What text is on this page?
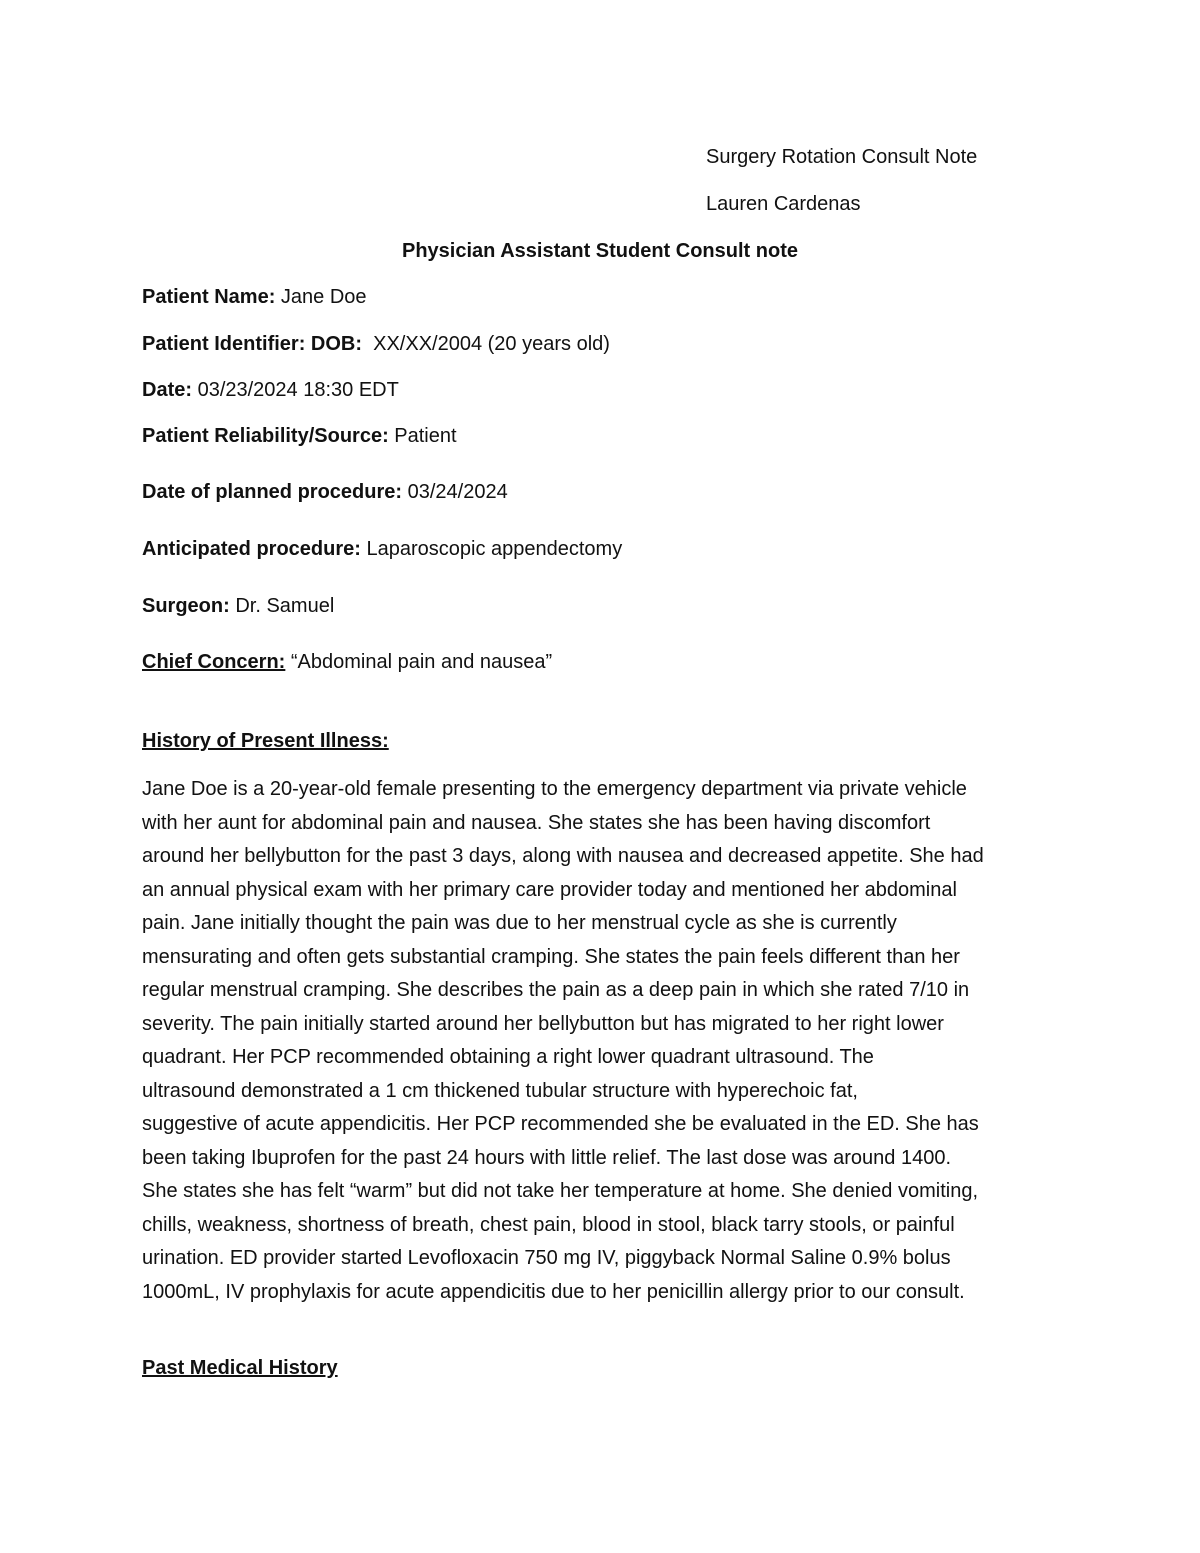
Surgery Rotation Consult Note
Lauren Cardenas
Physician Assistant Student Consult note
Patient Name: Jane Doe
Patient Identifier: DOB:  XX/XX/2004 (20 years old)
Date: 03/23/2024 18:30 EDT
Patient Reliability/Source: Patient
Date of planned procedure: 03/24/2024
Anticipated procedure: Laparoscopic appendectomy
Surgeon: Dr. Samuel
Chief Concern: “Abdominal pain and nausea”
History of Present Illness:
Jane Doe is a 20-year-old female presenting to the emergency department via private vehicle
with her aunt for abdominal pain and nausea. She states she has been having discomfort
around her bellybutton for the past 3 days, along with nausea and decreased appetite. She had
an annual physical exam with her primary care provider today and mentioned her abdominal
pain. Jane initially thought the pain was due to her menstrual cycle as she is currently
mensurating and often gets substantial cramping. She states the pain feels different than her
regular menstrual cramping. She describes the pain as a deep pain in which she rated 7/10 in
severity. The pain initially started around her bellybutton but has migrated to her right lower
quadrant. Her PCP recommended obtaining a right lower quadrant ultrasound. The
ultrasound demonstrated a 1 cm thickened tubular structure with hyperechoic fat,
suggestive of acute appendicitis. Her PCP recommended she be evaluated in the ED. She has
been taking Ibuprofen for the past 24 hours with little relief. The last dose was around 1400.
She states she has felt “warm” but did not take her temperature at home. She denied vomiting,
chills, weakness, shortness of breath, chest pain, blood in stool, black tarry stools, or painful
urination. ED provider started Levofloxacin 750 mg IV, piggyback Normal Saline 0.9% bolus
1000mL, IV prophylaxis for acute appendicitis due to her penicillin allergy prior to our consult.
Past Medical History
